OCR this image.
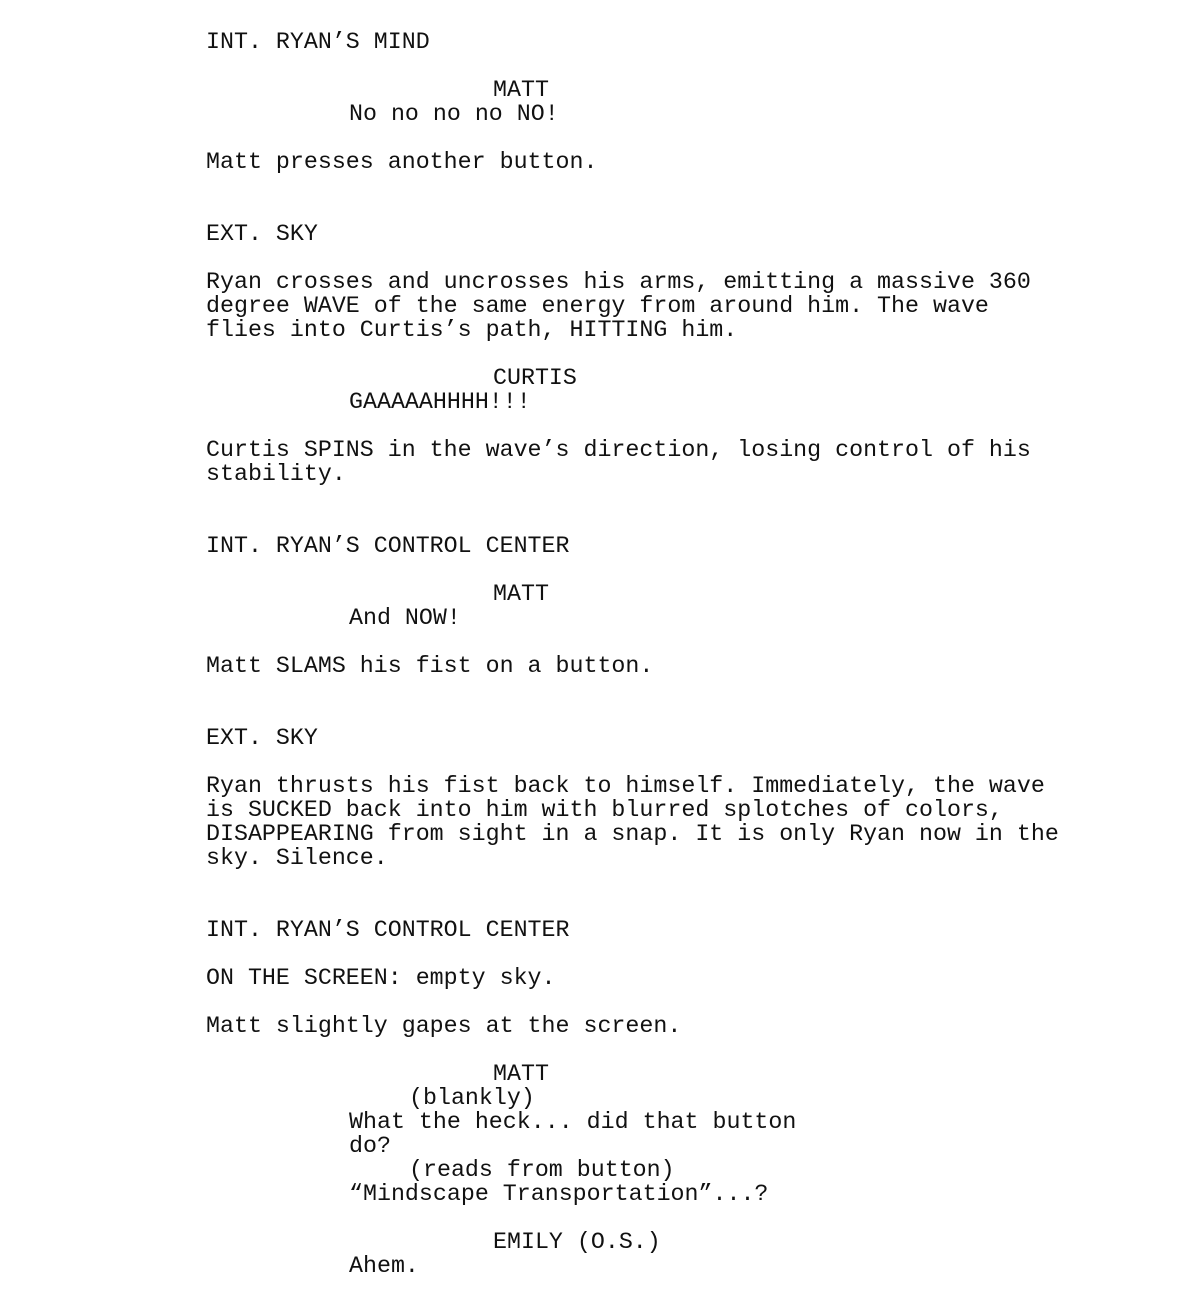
INT. RYAN’S MIND
MATT
No no no no NO!
Matt presses another button.
EXT. SKY
Ryan crosses and uncrosses his arms, emitting a massive 360
degree WAVE of the same energy from around him. The wave
flies into Curtis’s path, HITTING him.
CURTIS
GAAAAAHHHH!!!
Curtis SPINS in the wave’s direction, losing control of his
stability.
INT. RYAN’S CONTROL CENTER
MATT
And NOW!
Matt SLAMS his fist on a button.
EXT. SKY
Ryan thrusts his fist back to himself. Immediately, the wave
is SUCKED back into him with blurred splotches of colors,
DISAPPEARING from sight in a snap. It is only Ryan now in the
sky. Silence.
INT. RYAN’S CONTROL CENTER
ON THE SCREEN: empty sky.
Matt slightly gapes at the screen.
MATT
(blankly)
What the heck... did that button
do?
(reads from button)
“Mindscape Transportation”...?
EMILY (O.S.)
Ahem.
